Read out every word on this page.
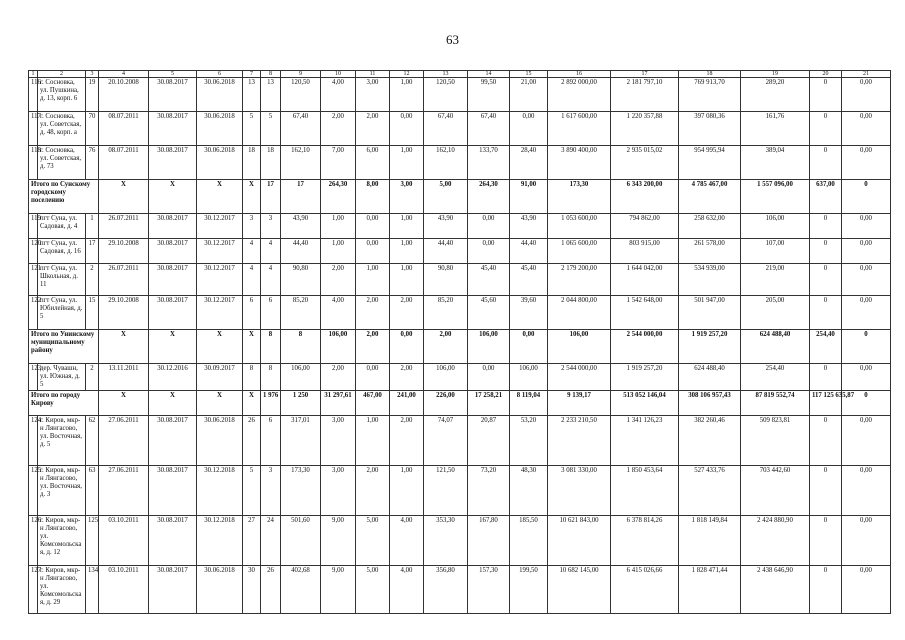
63
1	2	3	4	5	6	7	8	9	10	11	12	13	14	15	16	17	18	19	20	21	
116	г. Сосновка, ул. Пушкина, д. 13, корп. 6	19	20.10.2008	30.08.2017	30.06.2018	13	13	120,50	4,00	3,00	1,00	120,50	99,50	21,00	2 892 000,00	2 181 797,10	769 913,70	289,20	0	0,00	
117	г. Сосновка, ул. Советская, д. 48, корп. а	70	08.07.2011	30.08.2017	30.06.2018	5	5	67,40	2,00	2,00	0,00	67,40	67,40	0,00	1 617 600,00	1 220 357,88	397 080,36	161,76	0	0,00	
118	г. Сосновка, ул. Советская, д. 73	76	08.07.2011	30.08.2017	30.06.2018	18	18	162,10	7,00	6,00	1,00	162,10	133,70	28,40	3 890 400,00	2 935 015,02	954 995,94	389,04	0	0,00	
Итого по Сунскому городскому поселению			X	X	X	X	17	17	264,30	8,00	3,00	5,00	264,30	91,00	173,30	6 343 200,00	4 785 467,00	1 557 096,00	637,00	0	
119	пгт Суна, ул. Садовая, д. 4	1	26.07.2011	30.08.2017	30.12.2017	3	3	43,90	1,00	0,00	1,00	43,90	0,00	43,90	1 053 600,00	794 862,00	258 632,00	106,00	0	0,00	
120	пгт Суна, ул. Садовая, д. 16	17	29.10.2008	30.08.2017	30.12.2017	4	4	44,40	1,00	0,00	1,00	44,40	0,00	44,40	1 065 600,00	803 915,00	261 578,00	107,00	0	0,00	
121	пгт Суна, ул. Школьная, д. 11	2	26.07.2011	30.08.2017	30.12.2017	4	4	90,80	2,00	1,00	1,00	90,80	45,40	45,40	2 179 200,00	1 644 042,00	534 939,00	219,00	0	0,00	
122	пгт Суна, ул. Юбилейная, д. 5	15	29.10.2008	30.08.2017	30.12.2017	6	6	85,20	4,00	2,00	2,00	85,20	45,60	39,60	2 044 800,00	1 542 648,00	501 947,00	205,00	0	0,00	
Итого по Унинскому муниципальному району			X	X	X	X	8	8	106,00	2,00	0,00	2,00	106,00	0,00	106,00	2 544 000,00	1 919 257,20	624 488,40	254,40	0	
123	дер. Чувашн, ул. Южная, д. 5	2	13.11.2011	30.12.2016	30.09.2017	8	8	106,00	2,00	0,00	2,00	106,00	0,00	106,00	2 544 000,00	1 919 257,20	624 488,40	254,40	0	0,00	
Итого по городу Кирову			X	X	X	X	1 976	1 250	31 297,61	467,00	241,00	226,00	17 258,21	8 119,04	9 139,17	513 052 146,04	308 106 957,43	87 819 552,74	117 125 635,87	0	
124	г. Киров, мкр-н Лянгасово, ул. Восточная, д. 5	62	27.06.2011	30.08.2017	30.06.2018	26	6	317,01	3,00	1,00	2,00	74,07	20,87	53,20	2 233 210,50	1 341 126,23	382 260,46	509 823,81	0	0,00	
125	г. Киров, мкр-н Лянгасово, ул. Восточная, д. 3	63	27.06.2011	30.08.2017	30.12.2018	5	3	173,30	3,00	2,00	1,00	121,50	73,20	48,30	3 081 330,00	1 850 453,64	527 433,76	703 442,60	0	0,00	
126	г. Киров, мкр-н Лянгасово, ул. Комсомольская, д. 12	125	03.10.2011	30.08.2017	30.12.2018	27	24	501,60	9,00	5,00	4,00	353,30	167,80	185,50	10 621 843,00	6 378 814,26	1 818 149,84	2 424 880,90	0	0,00	
127	г. Киров, мкр-н Лянгасово, ул. Комсомольская, д. 29	134	03.10.2011	30.08.2017	30.06.2018	30	26	402,68	9,00	5,00	4,00	356,80	157,30	199,50	10 682 145,00	6 415 026,66	1 828 471,44	2 438 646,90	0	0,00	
